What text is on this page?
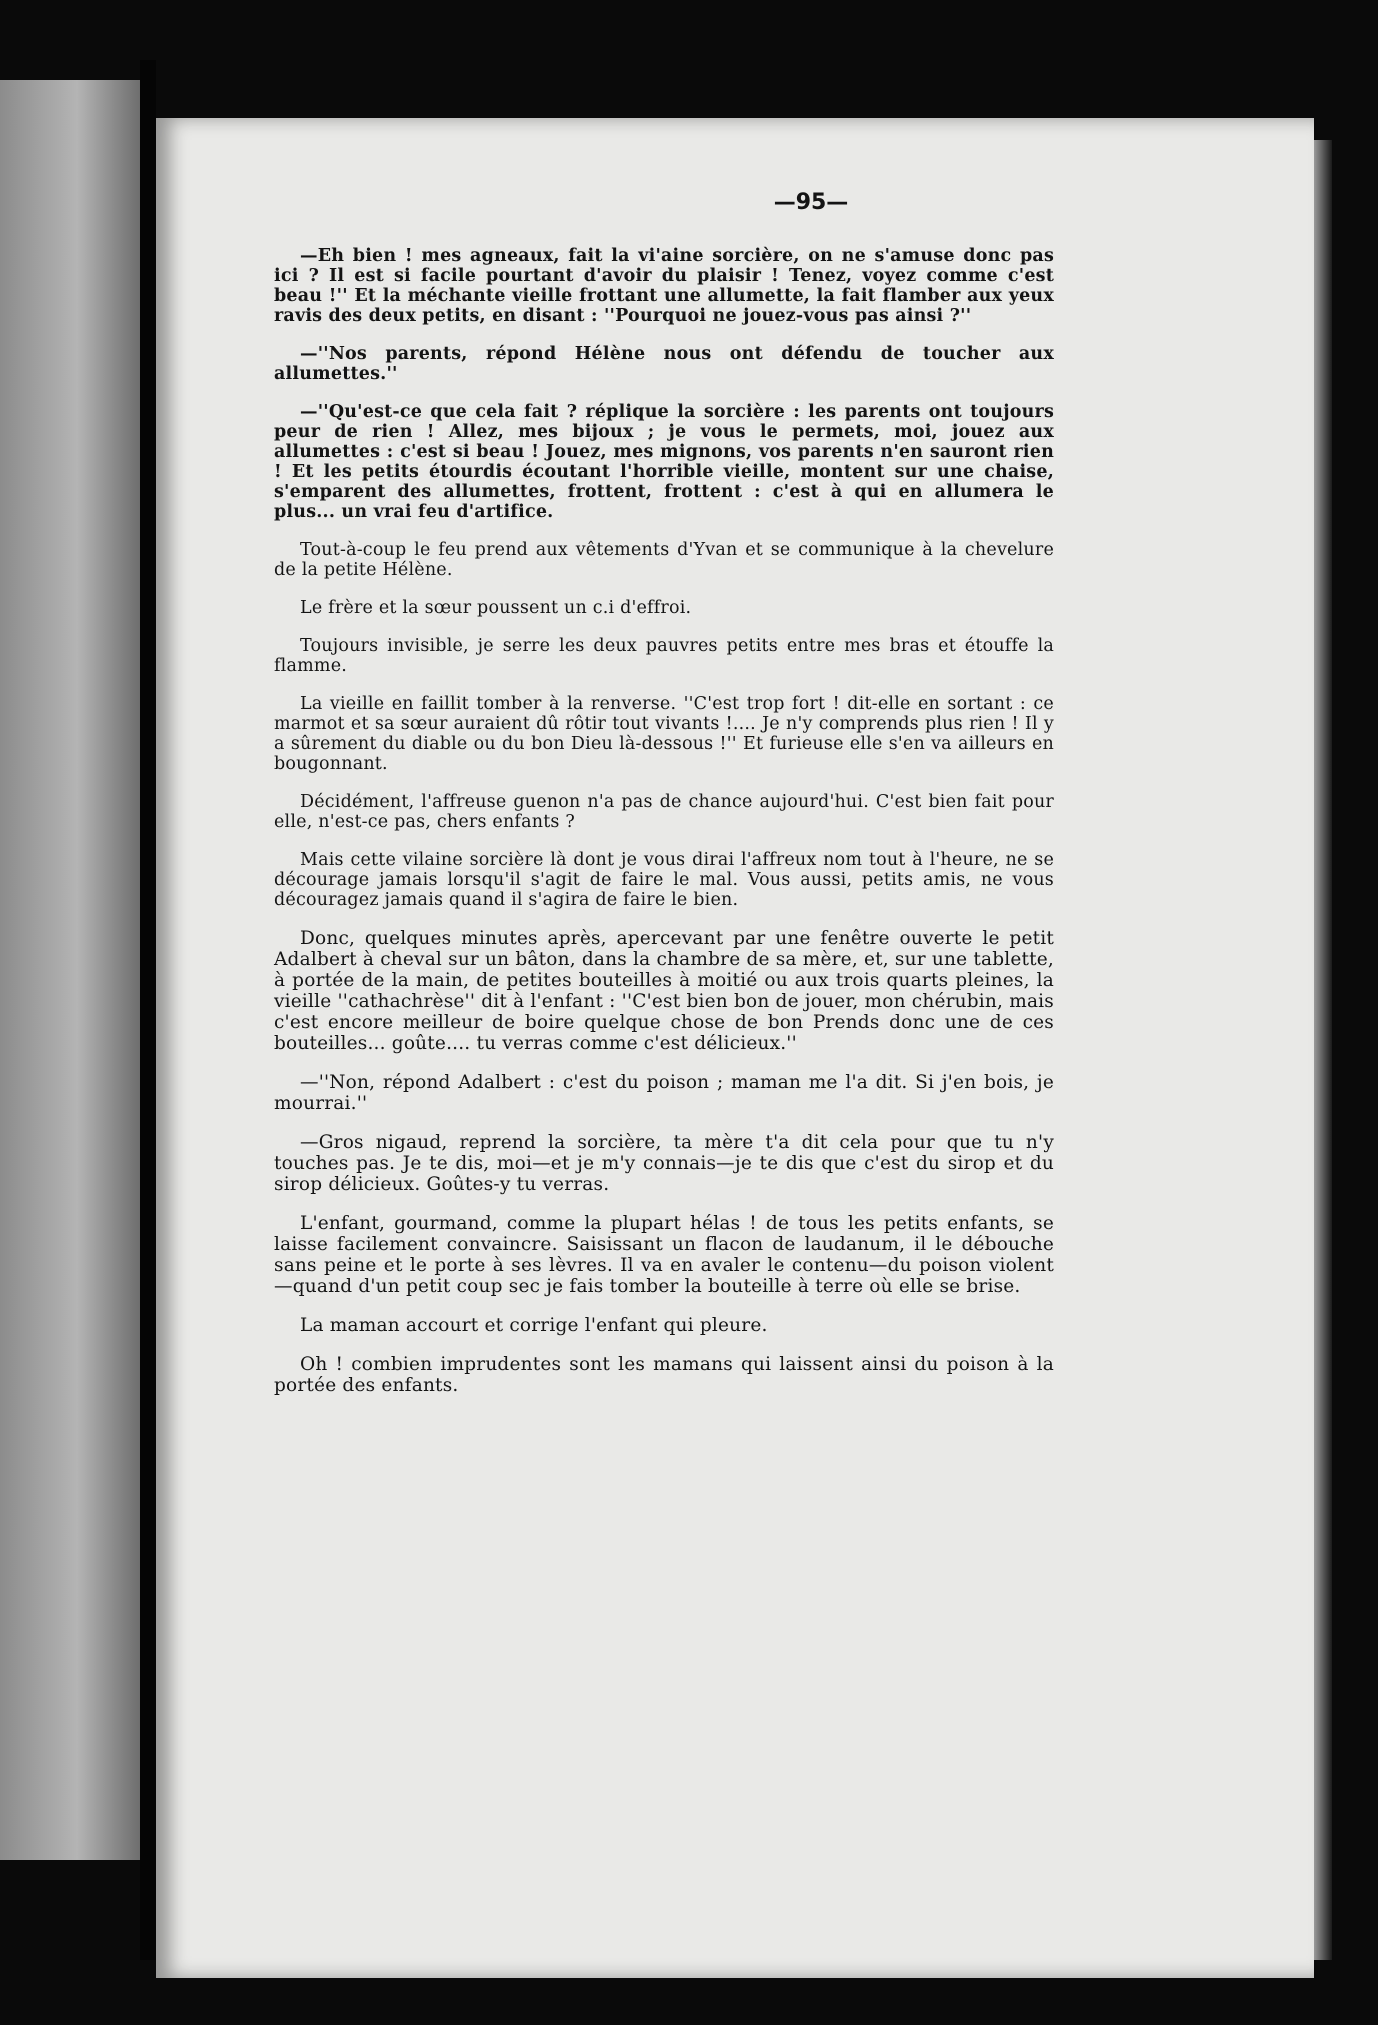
—95—

—Eh bien ! mes agneaux, fait la vi'aine sorcière, on ne s'amuse donc pas ici ? Il est si facile pourtant d'avoir du plaisir ! Tenez, voyez comme c'est beau !'' Et la méchante vieille frottant une allumette, la fait flamber aux yeux ravis des deux petits, en disant : ''Pourquoi ne jouez-vous pas ainsi ?''

—''Nos parents, répond Hélène nous ont défendu de toucher aux allumettes.''

—''Qu'est-ce que cela fait ? réplique la sorcière : les parents ont toujours peur de rien ! Allez, mes bijoux ; je vous le permets, moi, jouez aux allumettes : c'est si beau ! Jouez, mes mignons, vos parents n'en sauront rien ! Et les petits étourdis écoutant l'horrible vieille, montent sur une chaise, s'emparent des allumettes, frottent, frottent : c'est à qui en allumera le plus... un vrai feu d'artifice.

Tout-à-coup le feu prend aux vêtements d'Yvan et se communique à la chevelure de la petite Hélène.

Le frère et la sœur poussent un c.i d'effroi.

Toujours invisible, je serre les deux pauvres petits entre mes bras et étouffe la flamme.

La vieille en faillit tomber à la renverse. ''C'est trop fort ! dit-elle en sortant : ce marmot et sa sœur auraient dû rôtir tout vivants !.... Je n'y comprends plus rien ! Il y a sûrement du diable ou du bon Dieu là-dessous !'' Et furieuse elle s'en va ailleurs en bougonnant.

Décidément, l'affreuse guenon n'a pas de chance aujourd'hui. C'est bien fait pour elle, n'est-ce pas, chers enfants ?

Mais cette vilaine sorcière là dont je vous dirai l'affreux nom tout à l'heure, ne se décourage jamais lorsqu'il s'agit de faire le mal. Vous aussi, petits amis, ne vous découragez jamais quand il s'agira de faire le bien.

Donc, quelques minutes après, apercevant par une fenêtre ouverte le petit Adalbert à cheval sur un bâton, dans la chambre de sa mère, et, sur une tablette, à portée de la main, de petites bouteilles à moitié ou aux trois quarts pleines, la vieille ''cathachrèse'' dit à l'enfant : ''C'est bien bon de jouer, mon chérubin, mais c'est encore meilleur de boire quelque chose de bon Prends donc une de ces bouteilles... goûte.... tu verras comme c'est délicieux.''

—''Non, répond Adalbert : c'est du poison ; maman me l'a dit. Si j'en bois, je mourrai.''

—Gros nigaud, reprend la sorcière, ta mère t'a dit cela pour que tu n'y touches pas. Je te dis, moi—et je m'y connais—je te dis que c'est du sirop et du sirop délicieux. Goûtes-y tu verras.

L'enfant, gourmand, comme la plupart hélas ! de tous les petits enfants, se laisse facilement convaincre. Saisissant un flacon de laudanum, il le débouche sans peine et le porte à ses lèvres. Il va en avaler le contenu—du poison violent—quand d'un petit coup sec je fais tomber la bouteille à terre où elle se brise.

La maman accourt et corrige l'enfant qui pleure.

Oh ! combien imprudentes sont les mamans qui laissent ainsi du poison à la portée des enfants.
